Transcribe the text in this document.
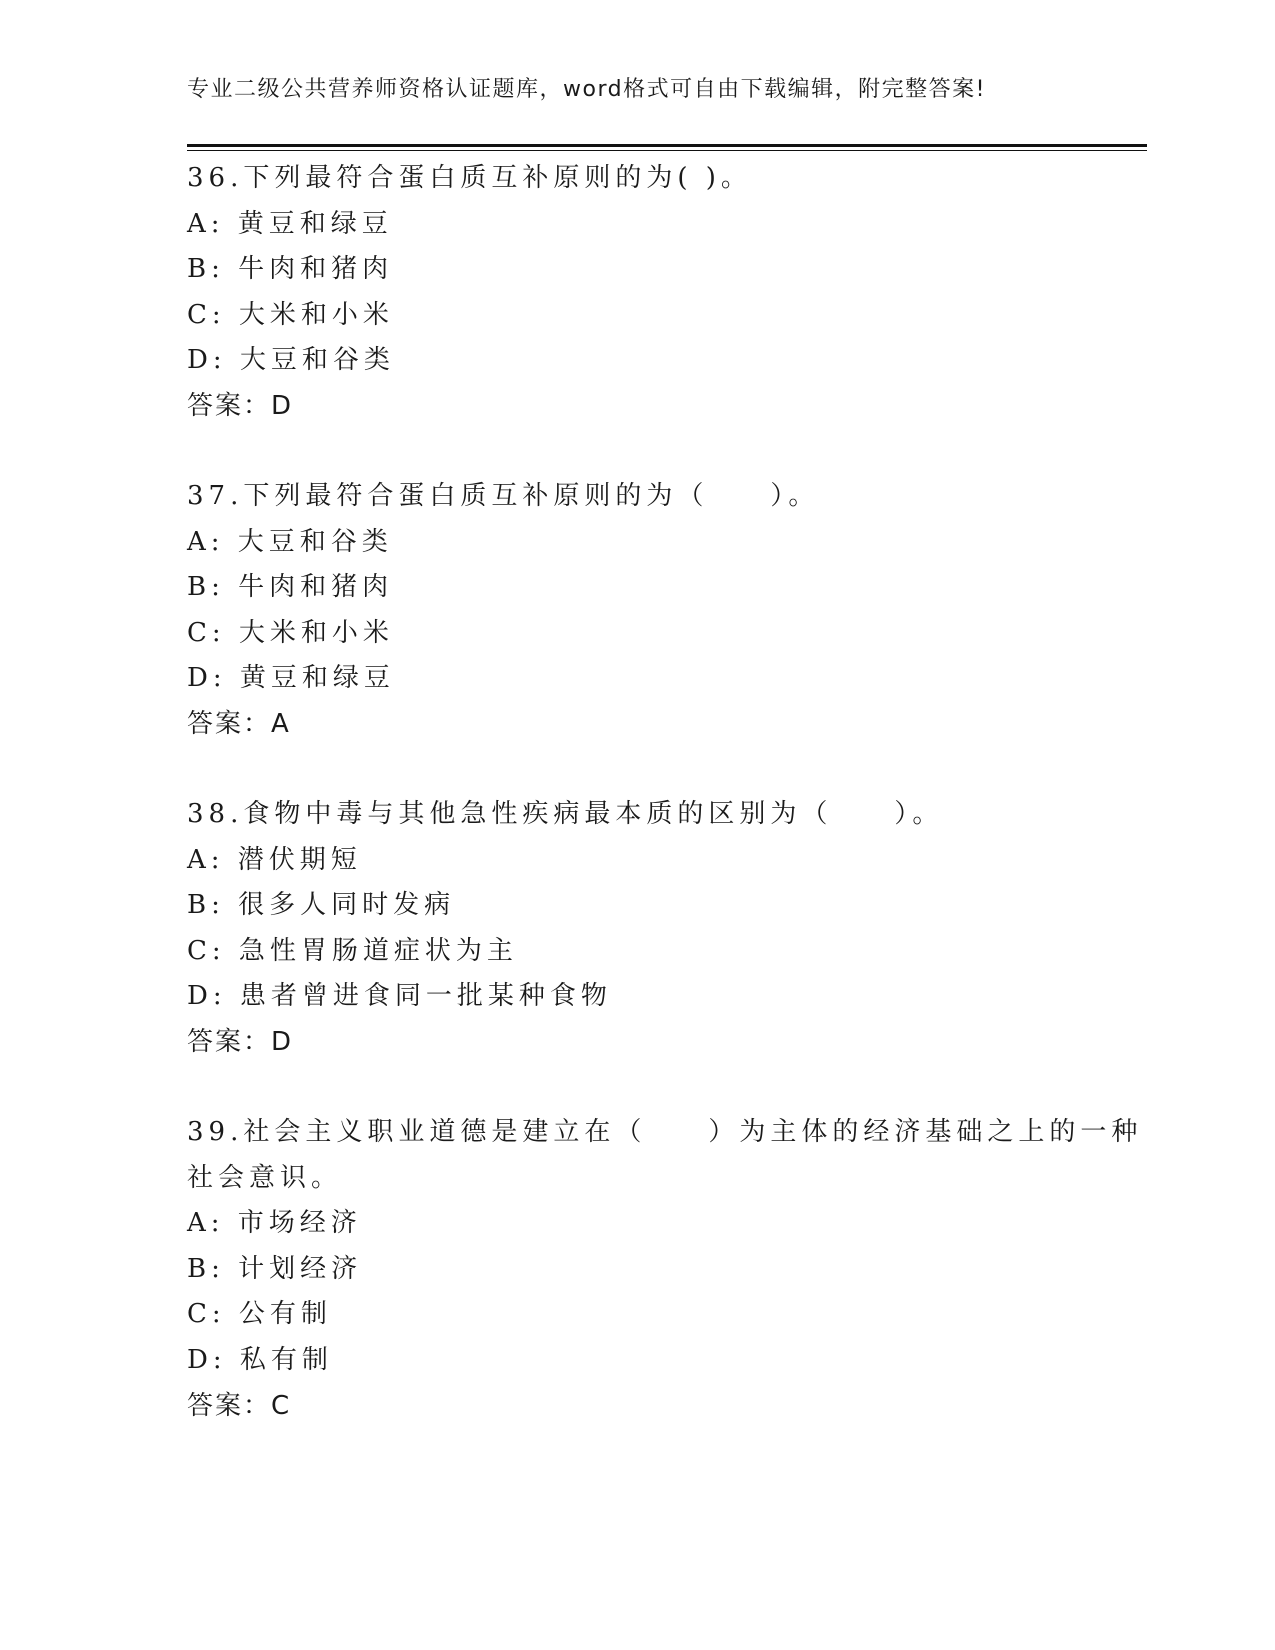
专业二级公共营养师资格认证题库，word格式可自由下载编辑，附完整答案!
36.下列最符合蛋白质互补原则的为( )。
A: 黄豆和绿豆
B: 牛肉和猪肉
C: 大米和小米
D: 大豆和谷类
答案：D
37.下列最符合蛋白质互补原则的为（　　）。
A: 大豆和谷类
B: 牛肉和猪肉
C: 大米和小米
D: 黄豆和绿豆
答案：A
38.食物中毒与其他急性疾病最本质的区别为（　　）。
A: 潜伏期短
B: 很多人同时发病
C: 急性胃肠道症状为主
D: 患者曾进食同一批某种食物
答案：D
39.社会主义职业道德是建立在（　　）为主体的经济基础之上的一种
社会意识。
A: 市场经济
B: 计划经济
C: 公有制
D: 私有制
答案：C
